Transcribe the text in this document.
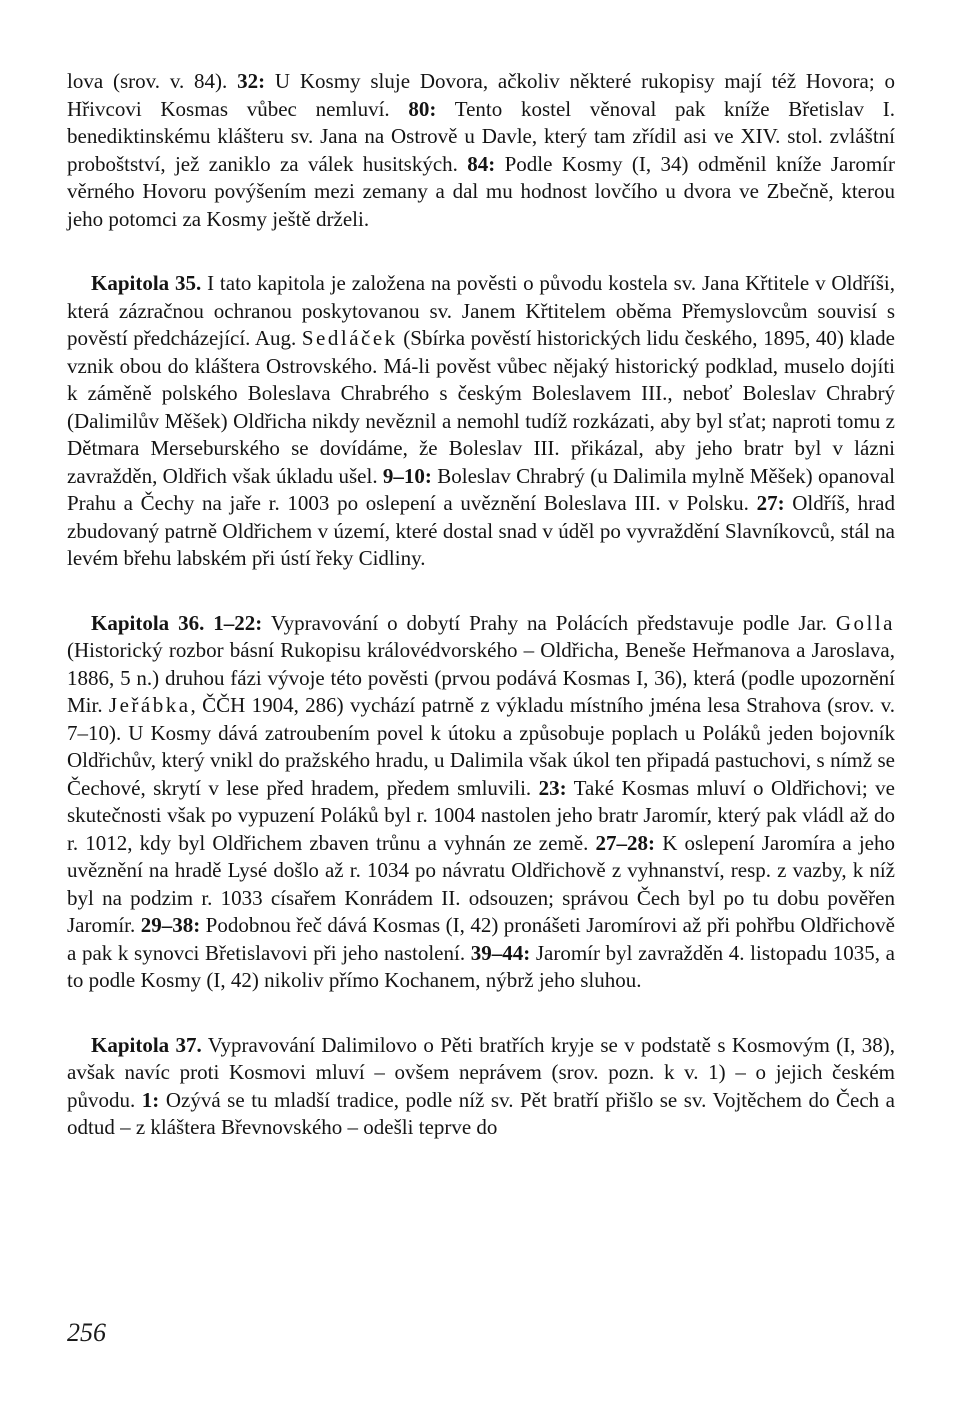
lova (srov. v. 84). 32: U Kosmy sluje Dovora, ačkoliv některé rukopisy mají též Hovora; o Hřivcovi Kosmas vůbec nemluví. 80: Tento kostel věnoval pak kníže Břetislav I. benediktinskému klášteru sv. Jana na Ostrově u Davle, který tam zřídil asi ve XIV. stol. zvláštní proboštství, jež zaniklo za válek husitských. 84: Podle Kosmy (I, 34) odměnil kníže Jaromír věrného Hovoru povýšením mezi zemany a dal mu hodnost lovčího u dvora ve Zbečně, kterou jeho potomci za Kosmy ještě drželi.

Kapitola 35. I tato kapitola je založena na pověsti o původu kostela sv. Jana Křtitele v Oldříši, která zázračnou ochranou poskytovanou sv. Janem Křtitelem oběma Přemyslovcům souvisí s pověstí předcházející. Aug. Sedláček (Sbírka pověstí historických lidu českého, 1895, 40) klade vznik obou do kláštera Ostrovského. Má-li pověst vůbec nějaký historický podklad, muselo dojíti k záměně polského Boleslava Chrabrého s českým Boleslavem III., neboť Boleslav Chrabrý (Dalimilův Měšek) Oldřicha nikdy nevěznil a nemohl tudíž rozkázati, aby byl sťat; naproti tomu z Dětmara Merseburského se dovídáme, že Boleslav III. přikázal, aby jeho bratr byl v lázni zavražděn, Oldřich však úkladu ušel. 9–10: Boleslav Chrabrý (u Dalimila mylně Měšek) opanoval Prahu a Čechy na jaře r. 1003 po oslepení a uvěznění Boleslava III. v Polsku. 27: Oldříš, hrad zbudovaný patrně Oldřichem v území, které dostal snad v úděl po vyvraždění Slavníkovců, stál na levém břehu labském při ústí řeky Cidliny.

Kapitola 36. 1–22: Vypravování o dobytí Prahy na Polácích představuje podle Jar. Golla (Historický rozbor básní Rukopisu královédvorského – Oldřicha, Beneše Heřmanova a Jaroslava, 1886, 5 n.) druhou fázi vývoje této pověsti (prvou podává Kosmas I, 36), která (podle upozornění Mir. Jeřábka, ČČH 1904, 286) vychází patrně z výkladu místního jména lesa Strahova (srov. v. 7–10). U Kosmy dává zatroubením povel k útoku a způsobuje poplach u Poláků jeden bojovník Oldřichův, který vnikl do pražského hradu, u Dalimila však úkol ten připadá pastuchovi, s nímž se Čechové, skrytí v lese před hradem, předem smluvili. 23: Také Kosmas mluví o Oldřichovi; ve skutečnosti však po vypuzení Poláků byl r. 1004 nastolen jeho bratr Jaromír, který pak vládl až do r. 1012, kdy byl Oldřichem zbaven trůnu a vyhnán ze země. 27–28: K oslepení Jaromíra a jeho uvěznění na hradě Lysé došlo až r. 1034 po návratu Oldřichově z vyhnanství, resp. z vazby, k níž byl na podzim r. 1033 císařem Konrádem II. odsouzen; správou Čech byl po tu dobu pověřen Jaromír. 29–38: Podobnou řeč dává Kosmas (I, 42) pronášeti Jaromírovi až při pohřbu Oldřichově a pak k synovci Břetislavovi při jeho nastolení. 39–44: Jaromír byl zavražděn 4. listopadu 1035, a to podle Kosmy (I, 42) nikoliv přímo Kochanem, nýbrž jeho sluhou.

Kapitola 37. Vypravování Dalimilovo o Pěti bratřích kryje se v podstatě s Kosmovým (I, 38), avšak navíc proti Kosmovi mluví – ovšem neprávem (srov. pozn. k v. 1) – o jejich českém původu. 1: Ozývá se tu mladší tradice, podle níž sv. Pět bratří přišlo se sv. Vojtěchem do Čech a odtud – z kláštera Břevnovského – odešli teprve do

256
